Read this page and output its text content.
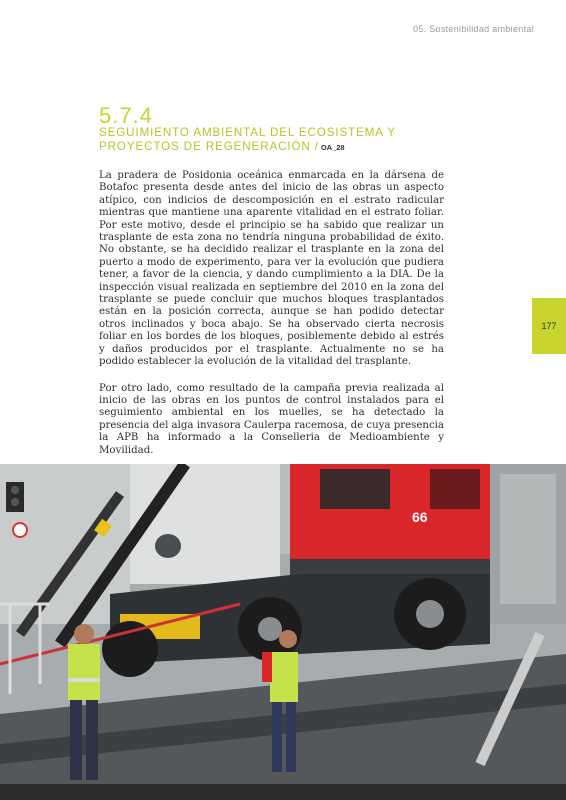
05. Sostenibilidad ambiental
5.7.4
SEGUIMIENTO AMBIENTAL DEL ECOSISTEMA Y PROYECTOS DE REGENERACIÓN / OA_28

La pradera de Posidonia oceánica enmarcada en la dársena de Botafoc presenta desde antes del inicio de las obras un aspecto atípico, con indicios de descomposición en el estrato radicular mientras que mantiene una aparente vitalidad en el estrato foliar. Por este motivo, desde el principio se ha sabido que realizar un trasplante de esta zona no tendría ninguna probabilidad de éxito. No obstante, se ha decidido realizar el trasplante en la zona del puerto a modo de experimento, para ver la evolución que pudiera tener, a favor de la ciencia, y dando cumplimiento a la DIA. De la inspección visual realizada en septiembre del 2010 en la zona del trasplante se puede concluir que muchos bloques trasplantados están en la posición correcta, aunque se han podido detectar otros inclinados y boca abajo. Se ha observado cierta necrosis foliar en los bordes de los bloques, posiblemente debido al estrés y daños producidos por el trasplante. Actualmente no se ha podido establecer la evolución de la vitalidad del trasplante.

Por otro lado, como resultado de la campaña previa realizada al inicio de las obras en los puntos de control instalados para el seguimiento ambiental en los muelles, se ha detectado la presencia del alga invasora Caulerpa racemosa, de cuya presencia la APB ha informado a la Conselleria de Medioambiente y Movilidad.

177
66
